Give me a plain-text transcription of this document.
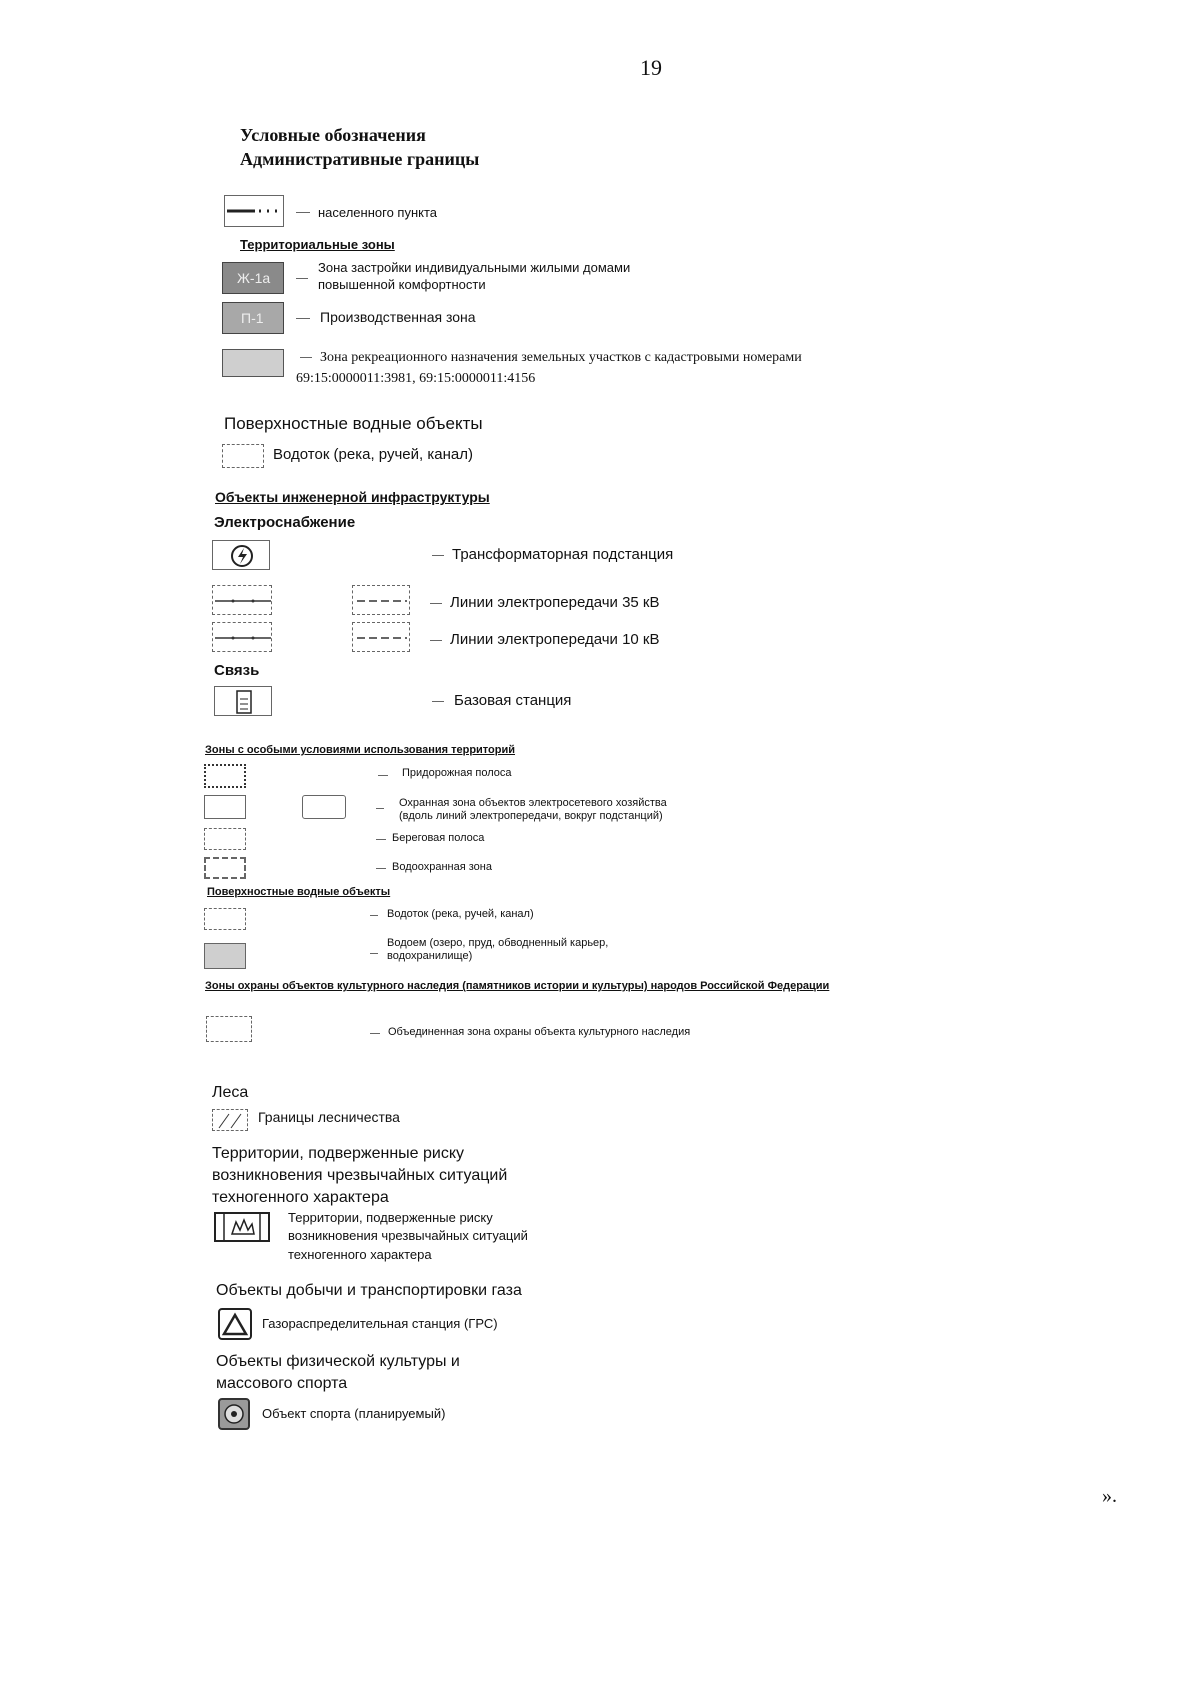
19
Условные обозначения
Административные границы
населенного пункта
Территориальные зоны
Ж-1а
Зона застройки индивидуальными жилыми домами
повышенной комфортности
П-1	Производственная зона
Зона рекреационного назначения земельных участков с кадастровыми номерами
69:15:0000011:3981, 69:15:0000011:4156
Поверхностные водные объекты
Водоток (река, ручей, канал)
Объекты инженерной инфраструктуры
Электроснабжение
Трансформаторная подстанция
Линии электропередачи 35 кВ
Линии электропередачи 10 кВ
Связь
Базовая станция
Зоны с особыми условиями использования территорий
Придорожная полоса
Охранная зона объектов электросетевого хозяйства
(вдоль линий электропередачи, вокруг подстанций)
Береговая полоса
Водоохранная зона
Поверхностные водные объекты
Водоток (река, ручей, канал)
Водоем (озеро, пруд, обводненный карьер,
водохранилище)
Зоны охраны объектов культурного наследия (памятников истории и культуры) народов Российской Федерации
Объединенная зона охраны объекта культурного наследия
Леса
Границы лесничества
Территории, подверженные риску
возникновения чрезвычайных ситуаций
техногенного характера
Территории, подверженные риску
возникновения чрезвычайных ситуаций
техногенного характера
Объекты добычи и транспортировки газа
Газораспределительная станция (ГРС)
Объекты физической культуры и
массового спорта
Объект спорта (планируемый)
».
